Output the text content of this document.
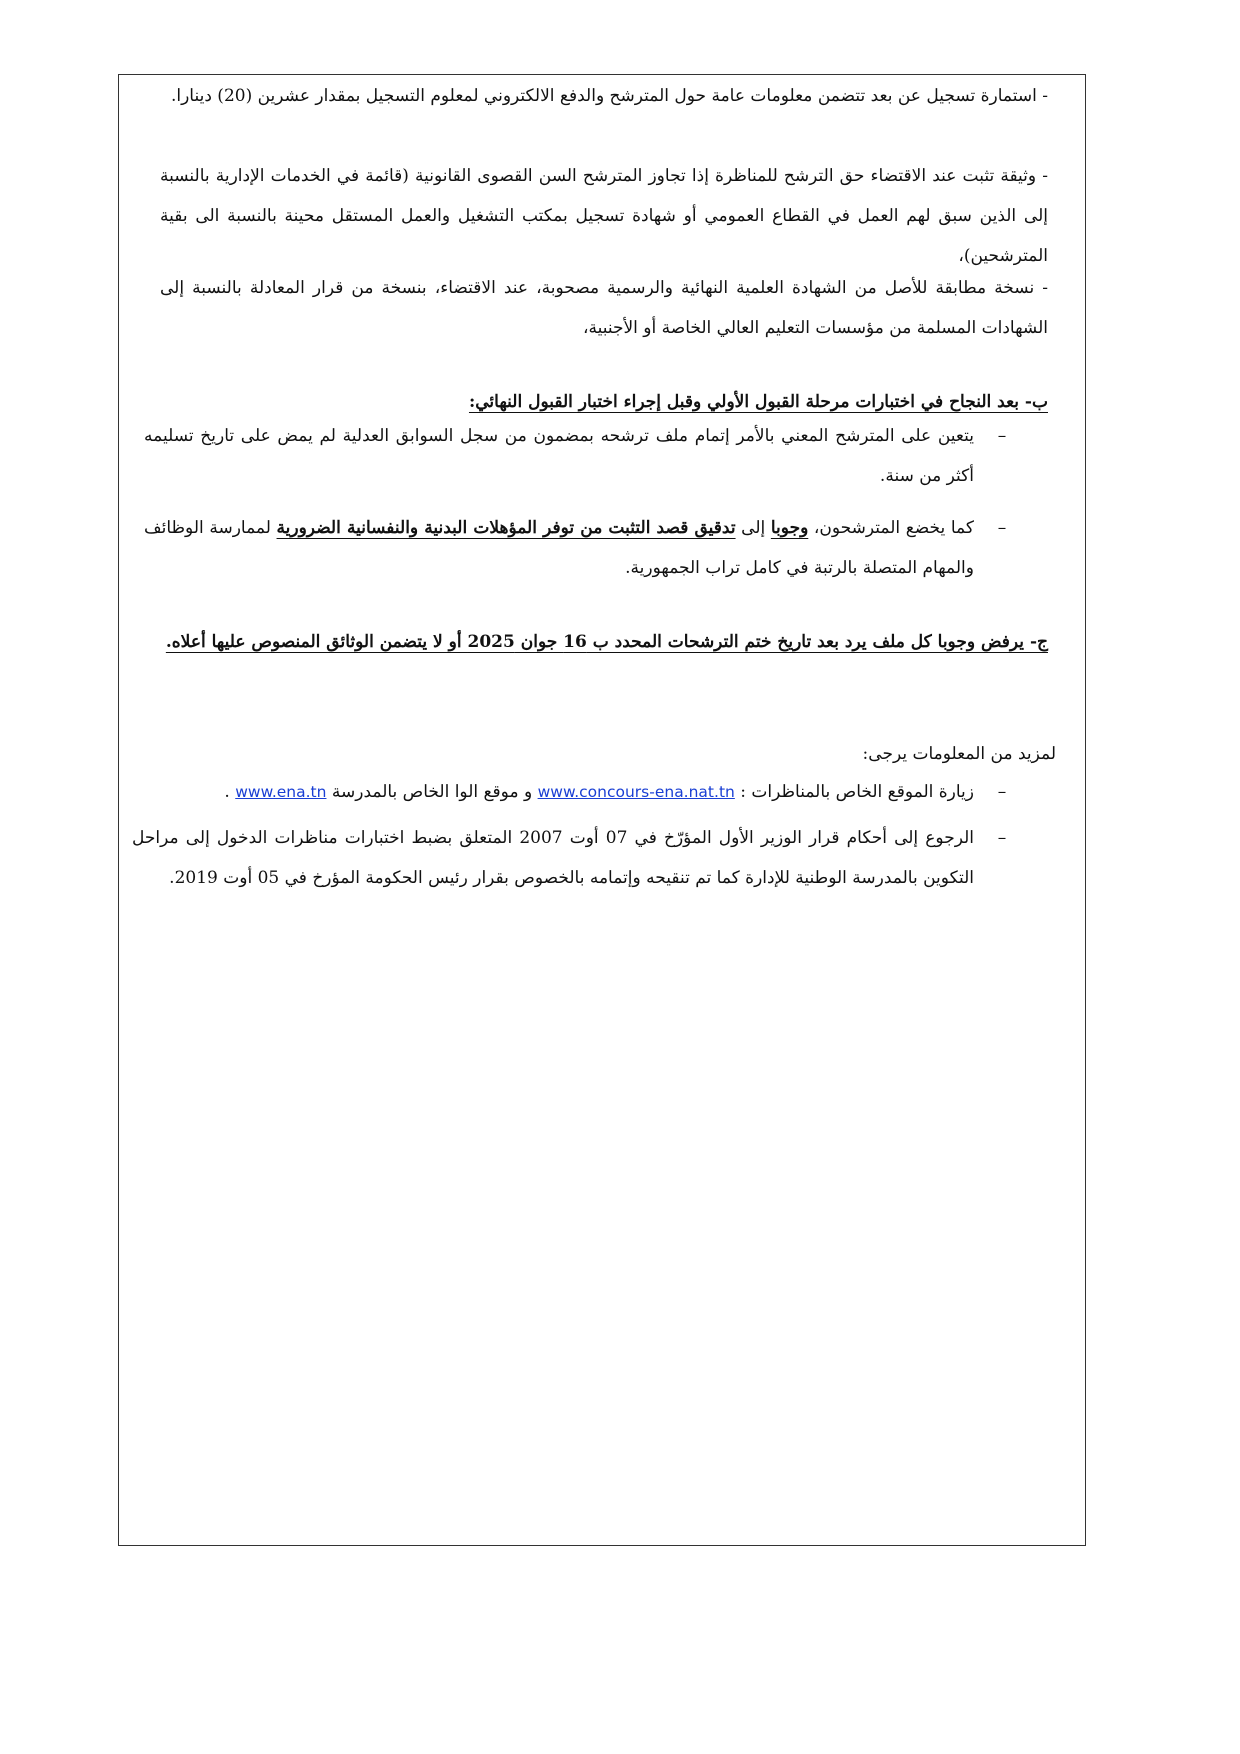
- استمارة تسجيل عن بعد تتضمن معلومات عامة حول المترشح والدفع الالكتروني لمعلوم التسجيل بمقدار عشرين (20) دينارا.
- وثيقة تثبت عند الاقتضاء حق الترشح للمناظرة إذا تجاوز المترشح السن القصوى القانونية (قائمة في الخدمات الإدارية بالنسبة إلى الذين سبق لهم العمل في القطاع العمومي أو شهادة تسجيل بمكتب التشغيل والعمل المستقل محينة بالنسبة الى بقية المترشحين)،
- نسخة مطابقة للأصل من الشهادة العلمية النهائية والرسمية مصحوبة، عند الاقتضاء، بنسخة من قرار المعادلة بالنسبة إلى الشهادات المسلمة من مؤسسات التعليم العالي الخاصة أو الأجنبية،
ب- بعد النجاح في اختبارات مرحلة القبول الأولي وقبل إجراء اختبار القبول النهائي:
–
يتعين على المترشح المعني بالأمر إتمام ملف ترشحه بمضمون من سجل السوابق العدلية لم يمض على تاريخ تسليمه أكثر من سنة.
–
كما يخضع المترشحون، وجوبا إلى تدقيق قصد التثبت من توفر المؤهلات البدنية والنفسانية الضرورية لممارسة الوظائف والمهام المتصلة بالرتبة في كامل تراب الجمهورية.
ج- يرفض وجوبا كل ملف يرد بعد تاريخ ختم الترشحات المحدد ب 16 جوان 2025 أو لا يتضمن الوثائق المنصوص عليها أعلاه.
لمزيد من المعلومات يرجى:
–
زيارة الموقع الخاص بالمناظرات : www.concours-ena.nat.tn و موقع الوا الخاص بالمدرسة www.ena.tn .
–
الرجوع إلى أحكام قرار الوزير الأول المؤرّخ في 07 أوت 2007 المتعلق بضبط اختبارات مناظرات الدخول إلى مراحل التكوين بالمدرسة الوطنية للإدارة كما تم تنقيحه وإتمامه بالخصوص بقرار رئيس الحكومة المؤرخ في 05 أوت 2019.
